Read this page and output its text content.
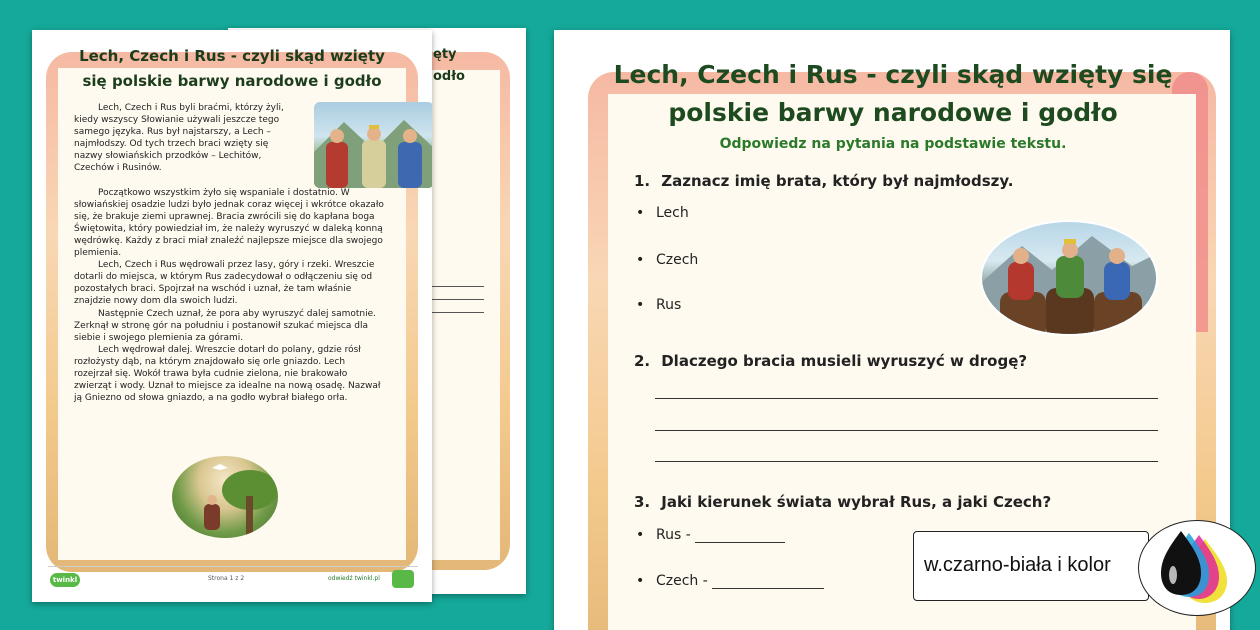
ęty
odło
Lech, Czech i Rus - czyli skąd wzięty się polskie barwy narodowe i godło

Lech, Czech i Rus byli braćmi, którzy żyli, kiedy wszyscy Słowianie używali jeszcze tego samego języka. Rus był najstarszy, a Lech – najmłodszy. Od tych trzech braci wzięty się nazwy słowiańskich przodków – Lechitów, Czechów i Rusinów.

Początkowo wszystkim żyło się wspaniale i dostatnio. W słowiańskiej osadzie ludzi było jednak coraz więcej i wkrótce okazało się, że brakuje ziemi uprawnej. Bracia zwrócili się do kapłana boga Świętowita, który powiedział im, że należy wyruszyć w daleką konną wędrówkę. Każdy z braci miał znaleźć najlepsze miejsce dla swojego plemienia.

Lech, Czech i Rus wędrowali przez lasy, góry i rzeki. Wreszcie dotarli do miejsca, w którym Rus zadecydował o odłączeniu się od pozostałych braci. Spojrzał na wschód i uznał, że tam właśnie znajdzie nowy dom dla swoich ludzi.

Następnie Czech uznał, że pora aby wyruszyć dalej samotnie. Zerknął w stronę gór na południu i postanowił szukać miejsca dla siebie i swojego plemienia za górami.

Lech wędrował dalej. Wreszcie dotarł do polany, gdzie rósł rozłożysty dąb, na którym znajdowało się orle gniazdo. Lech rozejrzał się. Wokół trawa była cudnie zielona, nie brakowało zwierząt i wody. Uznał to miejsce za idealne na nową osadę. Nazwał ją Gniezno od słowa gniazdo, a na godło wybrał białego orła.

twinkl	Strona 1 z 2	odwiedź twinkl.pl
Lech, Czech i Rus - czyli skąd wzięty się polskie barwy narodowe i godło
Odpowiedz na pytania na podstawie tekstu.
1. Zaznacz imię brata, który był najmłodszy.
• Lech
• Czech
• Rus
2. Dlaczego bracia musieli wyruszyć w drogę?
3. Jaki kierunek świata wybrał Rus, a jaki Czech?
• Rus -
• Czech -
w.czarno-biała i kolor
